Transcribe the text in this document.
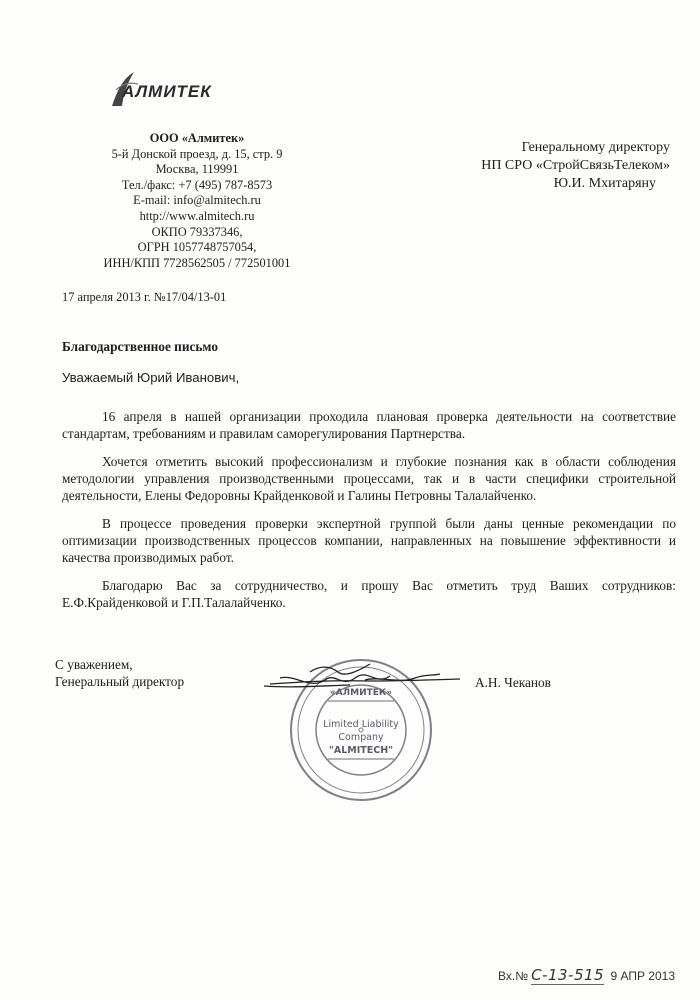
АЛМИТЕК
ООО «Алмитек»
5-й Донской проезд, д. 15, стр. 9
Москва, 119991
Тел./факс: +7 (495) 787-8573
E-mail: info@almitech.ru
http://www.almitech.ru
ОКПО 79337346,
ОГРН 1057748757054,
ИНН/КПП 7728562505 / 772501001
Генеральному директору
НП СРО «СтройСвязьТелеком»
Ю.И. Мхитаряну
17 апреля 2013 г. №17/04/13-01
Благодарственное письмо
Уважаемый Юрий Иванович,

16 апреля в нашей организации проходила плановая проверка деятельности на соответствие стандартам, требованиям и правилам саморегулирования Партнерства.

Хочется отметить высокий профессионализм и глубокие познания как в области соблюдения методологии управления производственными процессами, так и в части специфики строительной деятельности, Елены Федоровны Крайденковой и Галины Петровны Талалайченко.

В процессе проведения проверки экспертной группой были даны ценные рекомендации по оптимизации производственных процессов компании, направленных на повышение эффективности и качества производимых работ.

Благодарю Вас за сотрудничество, и прошу Вас отметить труд Ваших сотрудников: Е.Ф.Крайденковой и Г.П.Талалайченко.

С уважением,
Генеральный директор
«АЛМИТЕК»
Limited Liability
Company
"ALMITECH"
А.Н. Чеканов
Вх.№ С-13-515 9 АПР 2013
